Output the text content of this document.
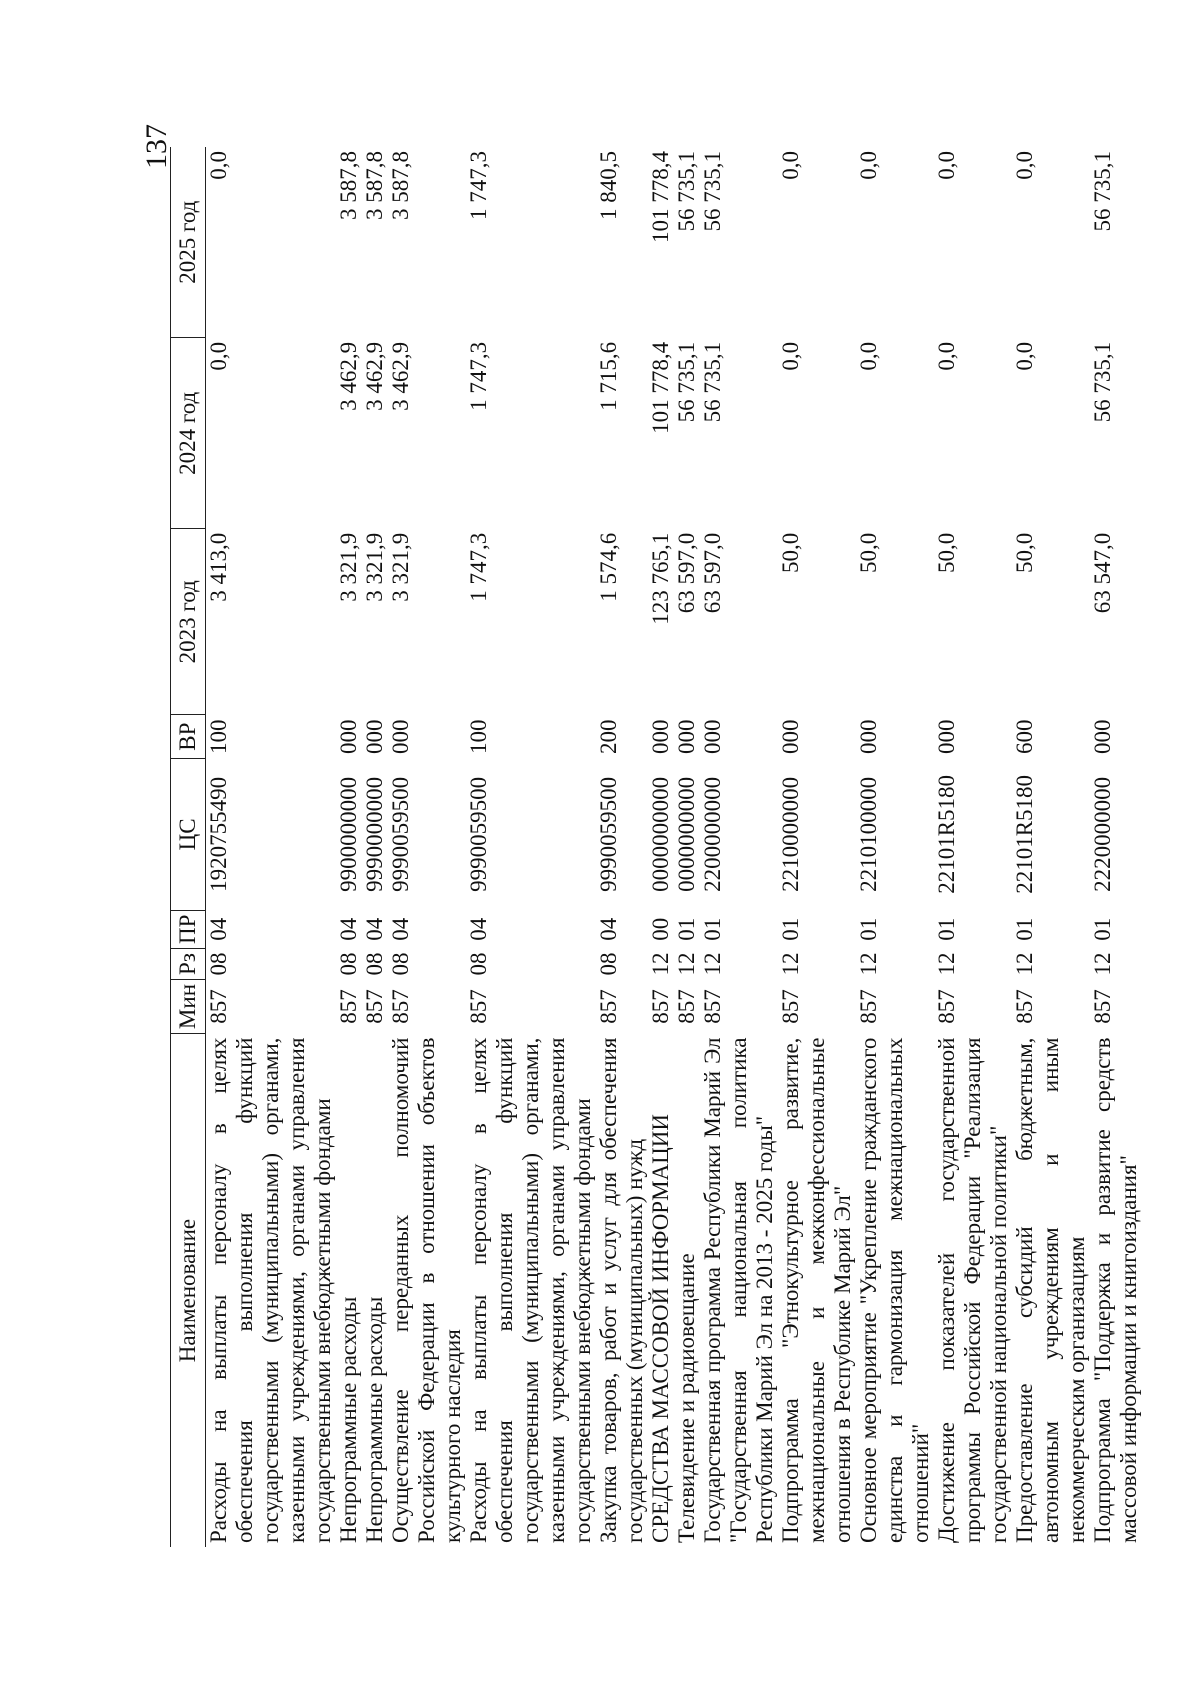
137
Наименование	Мин	Рз	ПР	ЦС	ВР	2023 год	2024 год	2025 год
Расходы на выплаты персоналу в целях обеспечения выполнения функций государственными (муниципальными) органами, казенными учреждениями, органами управления государственными внебюджетными фондами	857	08	04	1920755490	100	3 413,0	0,0	0,0
Непрограммные расходы	857	08	04	9900000000	000	3 321,9	3 462,9	3 587,8
Непрограммные расходы	857	08	04	9990000000	000	3 321,9	3 462,9	3 587,8
Осуществление переданных полномочий Российской Федерации в отношении объектов культурного наследия	857	08	04	9990059500	000	3 321,9	3 462,9	3 587,8
Расходы на выплаты персоналу в целях обеспечения выполнения функций государственными (муниципальными) органами, казенными учреждениями, органами управления государственными внебюджетными фондами	857	08	04	9990059500	100	1 747,3	1 747,3	1 747,3
Закупка товаров, работ и услуг для обеспечения государственных (муниципальных) нужд	857	08	04	9990059500	200	1 574,6	1 715,6	1 840,5
СРЕДСТВА МАССОВОЙ ИНФОРМАЦИИ	857	12	00	0000000000	000	123 765,1	101 778,4	101 778,4
Телевидение и радиовещание	857	12	01	0000000000	000	63 597,0	56 735,1	56 735,1
Государственная программа Республики Марий Эл "Государственная национальная политика Республики Марий Эл на 2013 - 2025 годы"	857	12	01	2200000000	000	63 597,0	56 735,1	56 735,1
Подпрограмма "Этнокультурное развитие, межнациональные и межконфессиональные отношения в Республике Марий Эл"	857	12	01	2210000000	000	50,0	0,0	0,0
Основное мероприятие "Укрепление гражданского единства и гармонизация межнациональных отношений"	857	12	01	2210100000	000	50,0	0,0	0,0
Достижение показателей государственной программы Российской Федерации "Реализация государственной национальной политики"	857	12	01	22101R5180	000	50,0	0,0	0,0
Предоставление субсидий бюджетным, автономным учреждениям и иным некоммерческим организациям	857	12	01	22101R5180	600	50,0	0,0	0,0
Подпрограмма "Поддержка и развитие средств массовой информации и книгоиздания"	857	12	01	2220000000	000	63 547,0	56 735,1	56 735,1
